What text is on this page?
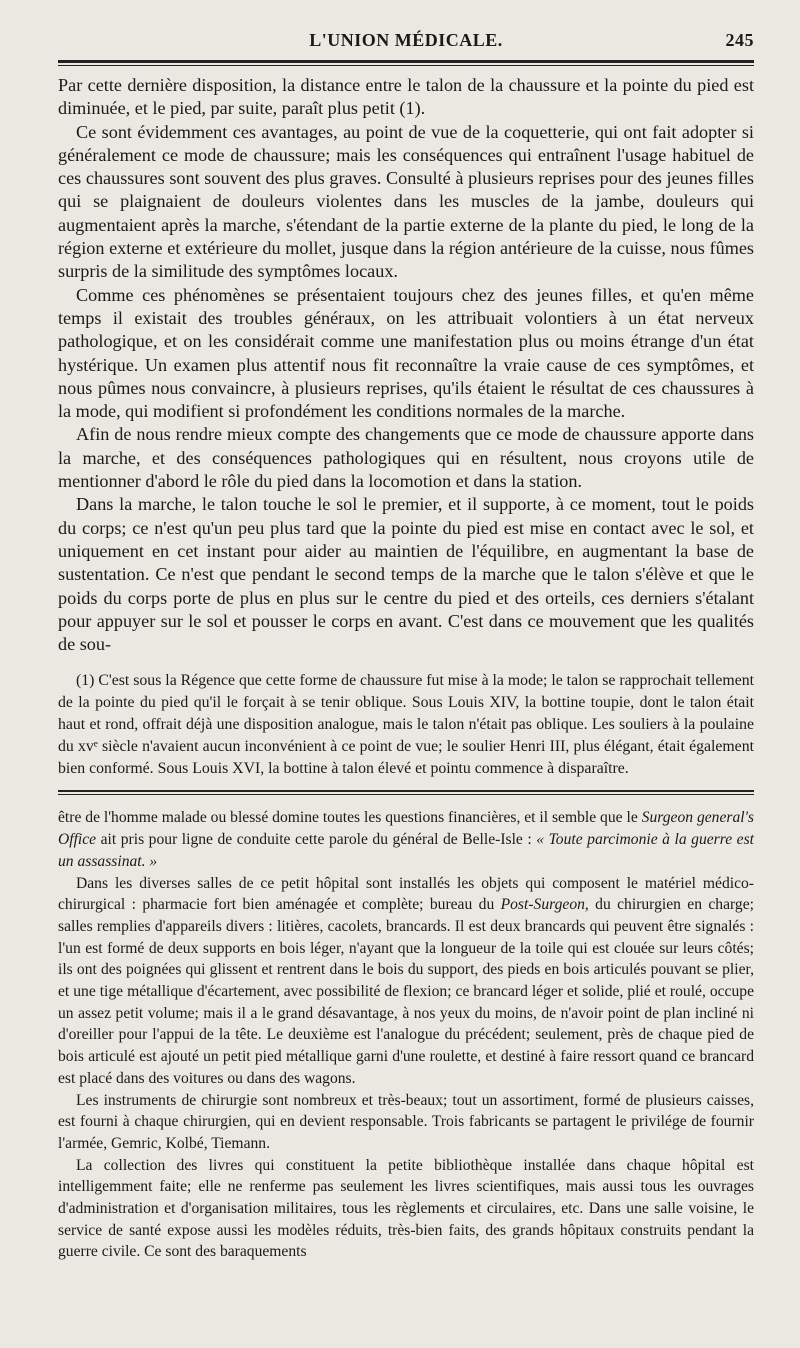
L'UNION MÉDICALE.	245

Par cette dernière disposition, la distance entre le talon de la chaussure et la pointe du pied est diminuée, et le pied, par suite, paraît plus petit (1).

Ce sont évidemment ces avantages, au point de vue de la coquetterie, qui ont fait adopter si généralement ce mode de chaussure; mais les conséquences qui entraînent l'usage habituel de ces chaussures sont souvent des plus graves. Consulté à plusieurs reprises pour des jeunes filles qui se plaignaient de douleurs violentes dans les muscles de la jambe, douleurs qui augmentaient après la marche, s'étendant de la partie externe de la plante du pied, le long de la région externe et extérieure du mollet, jusque dans la région antérieure de la cuisse, nous fûmes surpris de la similitude des symptômes locaux.

Comme ces phénomènes se présentaient toujours chez des jeunes filles, et qu'en même temps il existait des troubles généraux, on les attribuait volontiers à un état nerveux pathologique, et on les considérait comme une manifestation plus ou moins étrange d'un état hystérique. Un examen plus attentif nous fit reconnaître la vraie cause de ces symptômes, et nous pûmes nous convaincre, à plusieurs reprises, qu'ils étaient le résultat de ces chaussures à la mode, qui modifient si profondément les conditions normales de la marche.

Afin de nous rendre mieux compte des changements que ce mode de chaussure apporte dans la marche, et des conséquences pathologiques qui en résultent, nous croyons utile de mentionner d'abord le rôle du pied dans la locomotion et dans la station.

Dans la marche, le talon touche le sol le premier, et il supporte, à ce moment, tout le poids du corps; ce n'est qu'un peu plus tard que la pointe du pied est mise en contact avec le sol, et uniquement en cet instant pour aider au maintien de l'équilibre, en augmentant la base de sustentation. Ce n'est que pendant le second temps de la marche que le talon s'élève et que le poids du corps porte de plus en plus sur le centre du pied et des orteils, ces derniers s'étalant pour appuyer sur le sol et pousser le corps en avant. C'est dans ce mouvement que les qualités de sou-

(1) C'est sous la Régence que cette forme de chaussure fut mise à la mode; le talon se rapprochait tellement de la pointe du pied qu'il le forçait à se tenir oblique. Sous Louis XIV, la bottine toupie, dont le talon était haut et rond, offrait déjà une disposition analogue, mais le talon n'était pas oblique. Les souliers à la poulaine du xvᵉ siècle n'avaient aucun inconvénient à ce point de vue; le soulier Henri III, plus élégant, était également bien conformé. Sous Louis XVI, la bottine à talon élevé et pointu commence à disparaître.

être de l'homme malade ou blessé domine toutes les questions financières, et il semble que le Surgeon general's Office ait pris pour ligne de conduite cette parole du général de Belle-Isle : « Toute parcimonie à la guerre est un assassinat. »

Dans les diverses salles de ce petit hôpital sont installés les objets qui composent le matériel médico-chirurgical : pharmacie fort bien aménagée et complète; bureau du Post-Surgeon, du chirurgien en charge; salles remplies d'appareils divers : litières, cacolets, brancards. Il est deux brancards qui peuvent être signalés : l'un est formé de deux supports en bois léger, n'ayant que la longueur de la toile qui est clouée sur leurs côtés; ils ont des poignées qui glissent et rentrent dans le bois du support, des pieds en bois articulés pouvant se plier, et une tige métallique d'écartement, avec possibilité de flexion; ce brancard léger et solide, plié et roulé, occupe un assez petit volume; mais il a le grand désavantage, à nos yeux du moins, de n'avoir point de plan incliné ni d'oreiller pour l'appui de la tête. Le deuxième est l'analogue du précédent; seulement, près de chaque pied de bois articulé est ajouté un petit pied métallique garni d'une roulette, et destiné à faire ressort quand ce brancard est placé dans des voitures ou dans des wagons.

Les instruments de chirurgie sont nombreux et très-beaux; tout un assortiment, formé de plusieurs caisses, est fourni à chaque chirurgien, qui en devient responsable. Trois fabricants se partagent le privilége de fournir l'armée, Gemric, Kolbé, Tiemann.

La collection des livres qui constituent la petite bibliothèque installée dans chaque hôpital est intelligemment faite; elle ne renferme pas seulement les livres scientifiques, mais aussi tous les ouvrages d'administration et d'organisation militaires, tous les règlements et circulaires, etc. Dans une salle voisine, le service de santé expose aussi les modèles réduits, très-bien faits, des grands hôpitaux construits pendant la guerre civile. Ce sont des baraquements
